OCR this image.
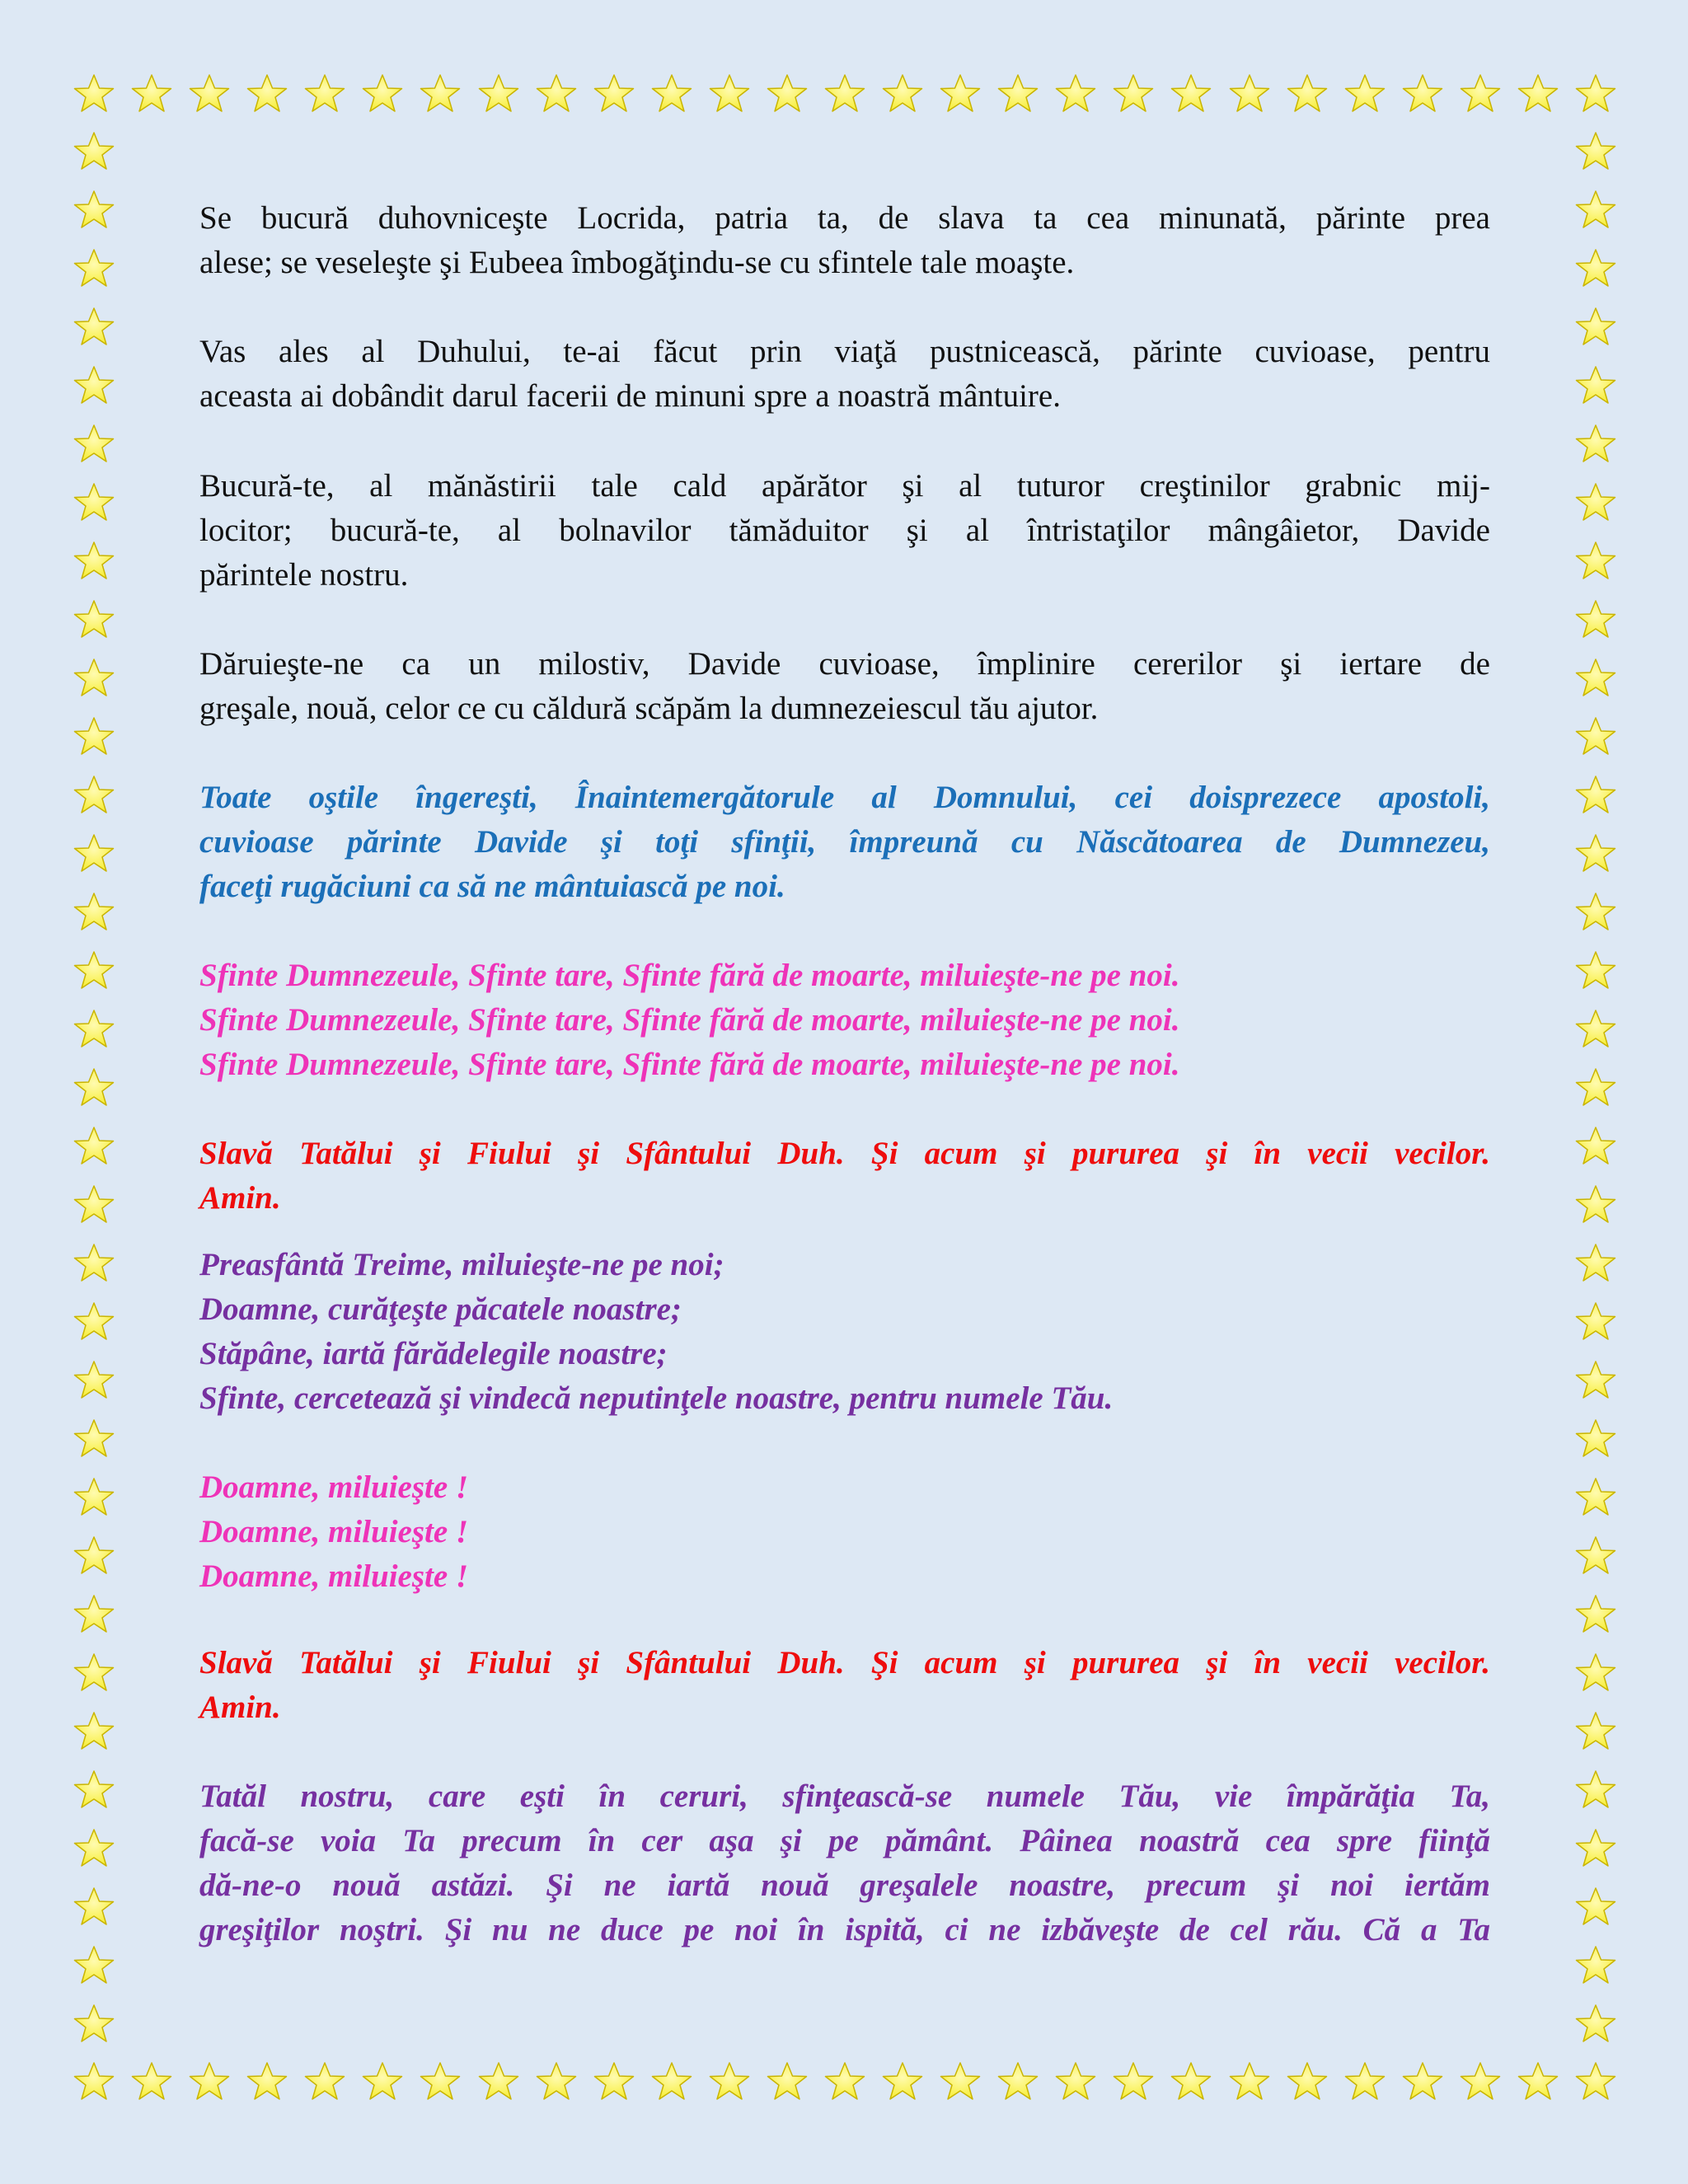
Se bucură duhovniceşte Locrida, patria ta, de slava ta cea minunată, părinte prea
alese; se veseleşte şi Eubeea îmbogăţindu-se cu sfintele tale moaşte.

Vas ales al Duhului, te-ai făcut prin viaţă pustnicească, părinte cuvioase, pentru
aceasta ai dobândit darul facerii de minuni spre a noastră mântuire.

Bucură-te, al mănăstirii tale cald apărător şi al tuturor creştinilor grabnic mij-
locitor; bucură-te, al bolnavilor tămăduitor şi al întristaţilor mângâietor, Davide
părintele nostru.

Dăruieşte-ne ca un milostiv, Davide cuvioase, împlinire cererilor şi iertare de
greşale, nouă, celor ce cu căldură scăpăm la dumnezeiescul tău ajutor.

Toate oştile îngereşti, Înaintemergătorule al Domnului, cei doisprezece apostoli,
cuvioase părinte Davide şi toţi sfinţii, împreună cu Născătoarea de Dumnezeu,
faceţi rugăciuni ca să ne mântuiască pe noi.

Sfinte Dumnezeule, Sfinte tare, Sfinte fără de moarte, miluieşte-ne pe noi.
Sfinte Dumnezeule, Sfinte tare, Sfinte fără de moarte, miluieşte-ne pe noi.
Sfinte Dumnezeule, Sfinte tare, Sfinte fără de moarte, miluieşte-ne pe noi.

Slavă Tatălui şi Fiului şi Sfântului Duh. Şi acum şi pururea şi în vecii vecilor.
Amin.

Preasfântă Treime, miluieşte-ne pe noi;
Doamne, curăţeşte păcatele noastre;
Stăpâne, iartă fărădelegile noastre;
Sfinte, cercetează şi vindecă neputinţele noastre, pentru numele Tău.

Doamne, miluieşte !
Doamne, miluieşte !
Doamne, miluieşte !

Slavă Tatălui şi Fiului şi Sfântului Duh. Şi acum şi pururea şi în vecii vecilor.
Amin.

Tatăl nostru, care eşti în ceruri, sfinţească-se numele Tău, vie împărăţia Ta,
facă-se voia Ta precum în cer aşa şi pe pământ. Pâinea noastră cea spre fiinţă
dă-ne-o nouă astăzi. Şi ne iartă nouă greşalele noastre, precum şi noi iertăm
greşiţilor noştri. Şi nu ne duce pe noi în ispită, ci ne izbăveşte de cel rău. Că a Ta
